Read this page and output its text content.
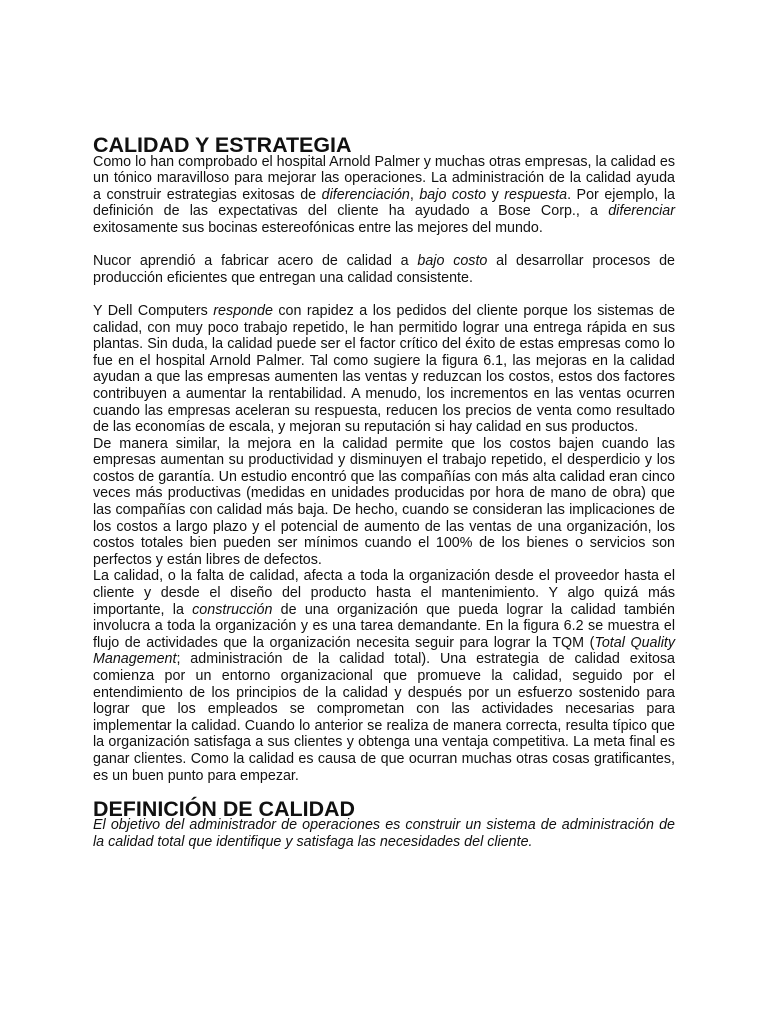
CALIDAD Y ESTRATEGIA

Como lo han comprobado el hospital Arnold Palmer y muchas otras empresas, la calidad es un tónico maravilloso para mejorar las operaciones. La administración de la calidad ayuda a construir estrategias exitosas de diferenciación, bajo costo y respuesta. Por ejemplo, la definición de las expectativas del cliente ha ayudado a Bose Corp., a diferenciar exitosamente sus bocinas estereofónicas entre las mejores del mundo.

Nucor aprendió a fabricar acero de calidad a bajo costo al desarrollar procesos de producción eficientes que entregan una calidad consistente.

Y Dell Computers responde con rapidez a los pedidos del cliente porque los sistemas de calidad, con muy poco trabajo repetido, le han permitido lograr una entrega rápida en sus plantas. Sin duda, la calidad puede ser el factor crítico del éxito de estas empresas como lo fue en el hospital Arnold Palmer. Tal como sugiere la figura 6.1, las mejoras en la calidad ayudan a que las empresas aumenten las ventas y reduzcan los costos, estos dos factores contribuyen a aumentar la rentabilidad. A menudo, los incrementos en las ventas ocurren cuando las empresas aceleran su respuesta, reducen los precios de venta como resultado de las economías de escala, y mejoran su reputación si hay calidad en sus productos.

De manera similar, la mejora en la calidad permite que los costos bajen cuando las empresas aumentan su productividad y disminuyen el trabajo repetido, el desperdicio y los costos de garantía. Un estudio encontró que las compañías con más alta calidad eran cinco veces más productivas (medidas en unidades producidas por hora de mano de obra) que las compañías con calidad más baja. De hecho, cuando se consideran las implicaciones de los costos a largo plazo y el potencial de aumento de las ventas de una organización, los costos totales bien pueden ser mínimos cuando el 100% de los bienes o servicios son perfectos y están libres de defectos.

La calidad, o la falta de calidad, afecta a toda la organización desde el proveedor hasta el cliente y desde el diseño del producto hasta el mantenimiento. Y algo quizá más importante, la construcción de una organización que pueda lograr la calidad también involucra a toda la organización y es una tarea demandante. En la figura 6.2 se muestra el flujo de actividades que la organización necesita seguir para lograr la TQM (Total Quality Management; administración de la calidad total). Una estrategia de calidad exitosa comienza por un entorno organizacional que promueve la calidad, seguido por el entendimiento de los principios de la calidad y después por un esfuerzo sostenido para lograr que los empleados se comprometan con las actividades necesarias para implementar la calidad. Cuando lo anterior se realiza de manera correcta, resulta típico que la organización satisfaga a sus clientes y obtenga una ventaja competitiva. La meta final es ganar clientes. Como la calidad es causa de que ocurran muchas otras cosas gratificantes, es un buen punto para empezar.

DEFINICIÓN DE CALIDAD

El objetivo del administrador de operaciones es construir un sistema de administración de la calidad total que identifique y satisfaga las necesidades del cliente.
